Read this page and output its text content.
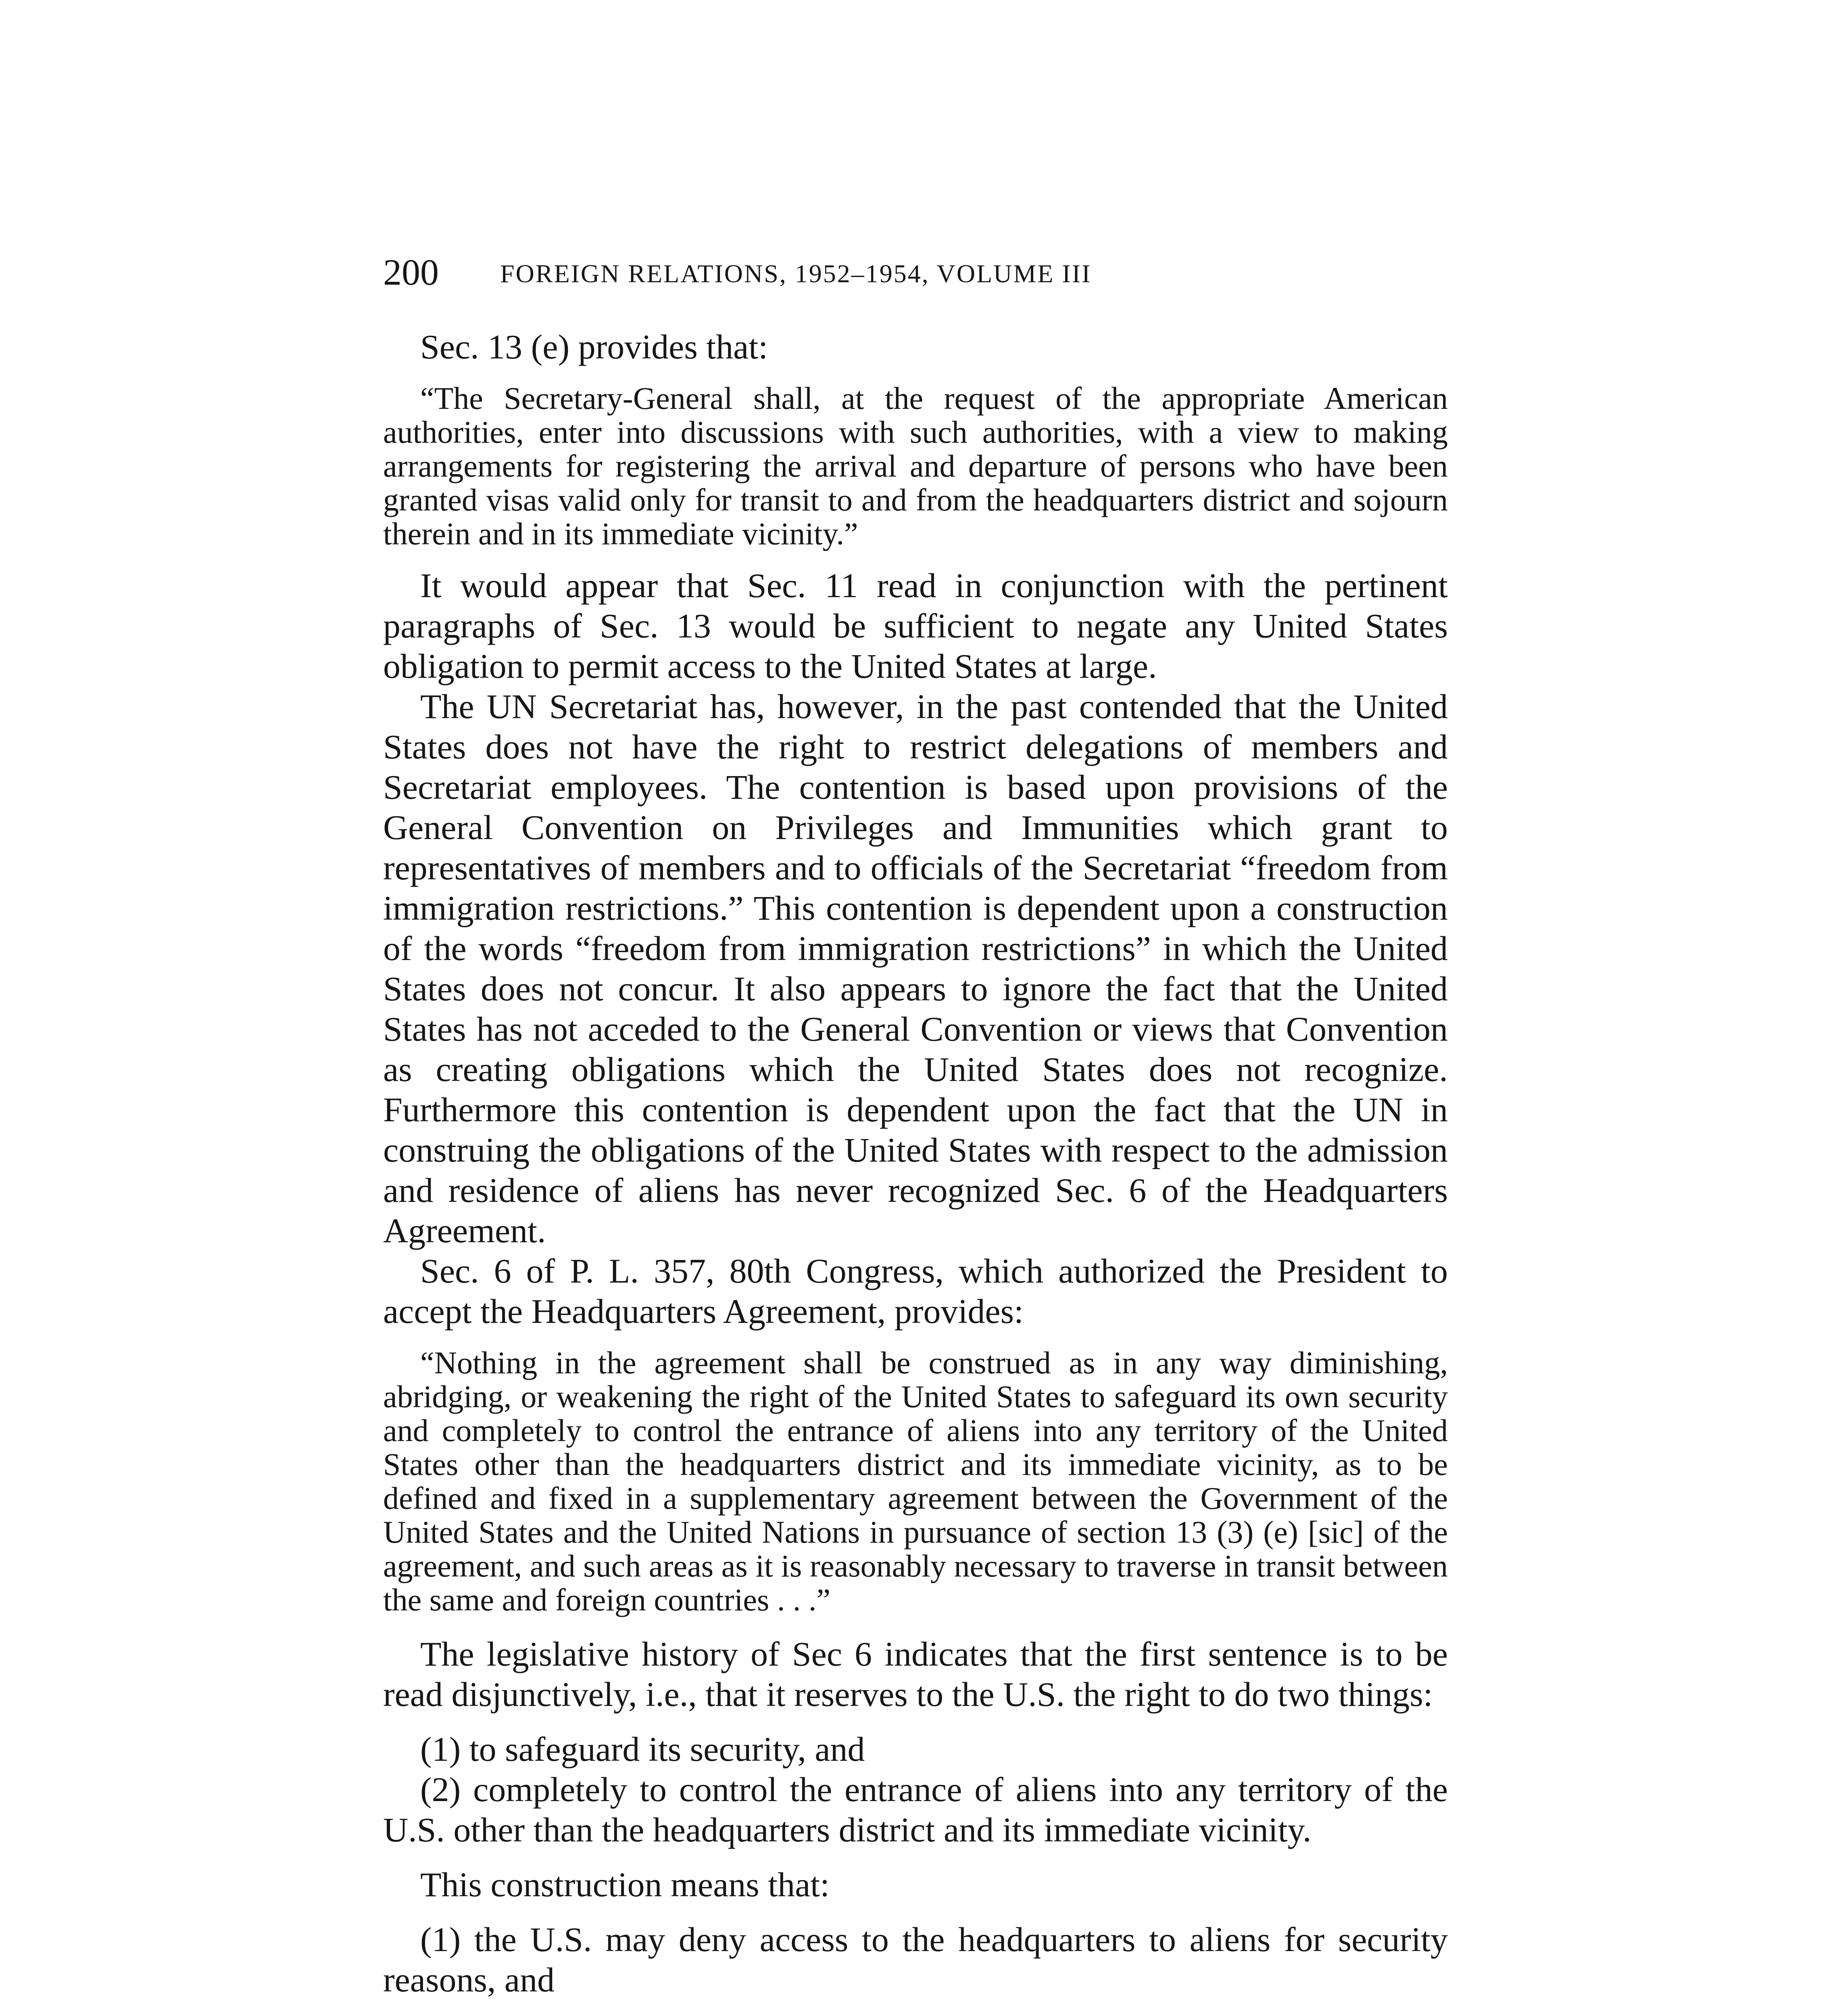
200 FOREIGN RELATIONS, 1952–1954, VOLUME III

Sec. 13 (e) provides that:

“The Secretary-General shall, at the request of the appropriate American authorities, enter into discussions with such authorities, with a view to making arrangements for registering the arrival and departure of persons who have been granted visas valid only for transit to and from the headquarters district and sojourn therein and in its immediate vicinity.”

It would appear that Sec. 11 read in conjunction with the pertinent paragraphs of Sec. 13 would be sufficient to negate any United States obligation to permit access to the United States at large.

The UN Secretariat has, however, in the past contended that the United States does not have the right to restrict delegations of members and Secretariat employees. The contention is based upon provisions of the General Convention on Privileges and Immunities which grant to representatives of members and to officials of the Secretariat “freedom from immigration restrictions.” This contention is dependent upon a construction of the words “freedom from immigration restrictions” in which the United States does not concur. It also appears to ignore the fact that the United States has not acceded to the General Convention or views that Convention as creating obligations which the United States does not recognize. Furthermore this contention is dependent upon the fact that the UN in construing the obligations of the United States with respect to the admission and residence of aliens has never recognized Sec. 6 of the Headquarters Agreement.

Sec. 6 of P. L. 357, 80th Congress, which authorized the President to accept the Headquarters Agreement, provides:

“Nothing in the agreement shall be construed as in any way diminishing, abridging, or weakening the right of the United States to safeguard its own security and completely to control the entrance of aliens into any territory of the United States other than the headquarters district and its immediate vicinity, as to be defined and fixed in a supplementary agreement between the Government of the United States and the United Nations in pursuance of section 13 (3) (e) [sic] of the agreement, and such areas as it is reasonably necessary to traverse in transit between the same and foreign countries . . .”

The legislative history of Sec 6 indicates that the first sentence is to be read disjunctively, i.e., that it reserves to the U.S. the right to do two things:

(1) to safeguard its security, and

(2) completely to control the entrance of aliens into any territory of the U.S. other than the headquarters district and its immediate vicinity.

This construction means that:

(1) the U.S. may deny access to the headquarters to aliens for security reasons, and
